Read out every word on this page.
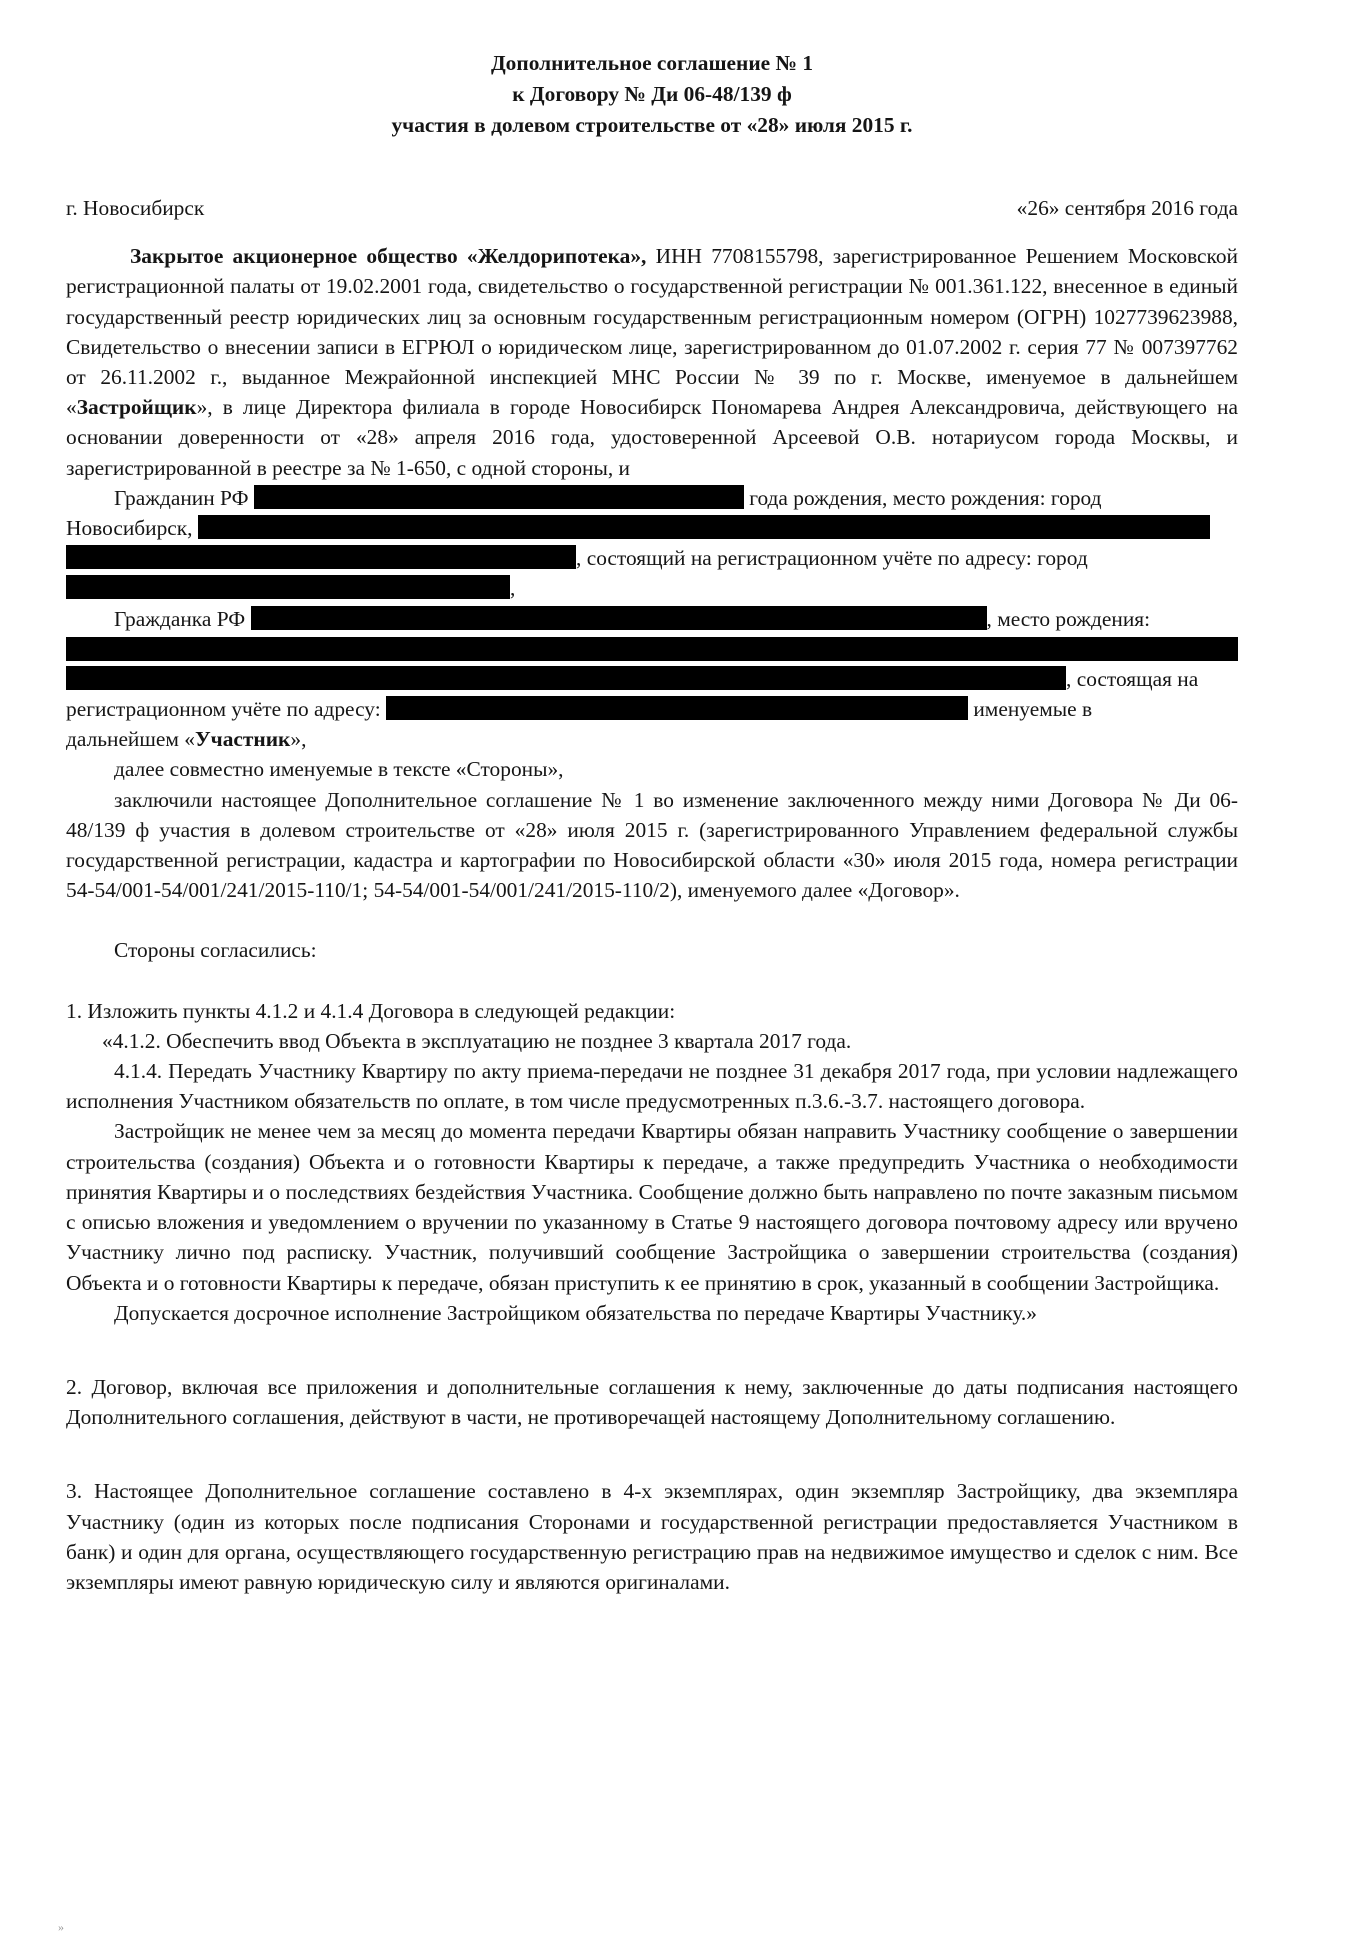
Дополнительное соглашение № 1
к Договору № Ди 06-48/139 ф
участия в долевом строительстве от «28» июля 2015 г.
г. Новосибирск	«26» сентября 2016 года

Закрытое акционерное общество «Желдорипотека», ИНН 7708155798, зарегистрированное Решением Московской регистрационной палаты от 19.02.2001 года, свидетельство о государственной регистрации № 001.361.122, внесенное в единый государственный реестр юридических лиц за основным государственным регистрационным номером (ОГРН) 1027739623988, Свидетельство о внесении записи в ЕГРЮЛ о юридическом лице, зарегистрированном до 01.07.2002 г. серия 77 № 007397762 от 26.11.2002 г., выданное Межрайонной инспекцией МНС России № 39 по г. Москве, именуемое в дальнейшем «Застройщик», в лице Директора филиала в городе Новосибирск Пономарева Андрея Александровича, действующего на основании доверенности от «28» апреля 2016 года, удостоверенной Арсеевой О.В. нотариусом города Москвы, и зарегистрированной в реестре за № 1-650, с одной стороны, и

Гражданин РФ	года рождения, место рождения: город

Новосибирск,

, состоящий на регистрационном учёте по адресу: город

,

Гражданка РФ	, место рождения:

, состоящая на

регистрационном учёте по адресу:	именуемые в

дальнейшем «Участник»,

далее совместно именуемые в тексте «Стороны»,

заключили настоящее Дополнительное соглашение № 1 во изменение заключенного между ними Договора № Ди 06-48/139 ф участия в долевом строительстве от «28» июля 2015 г. (зарегистрированного Управлением федеральной службы государственной регистрации, кадастра и картографии по Новосибирской области «30» июля 2015 года, номера регистрации 54-54/001-54/001/241/2015-110/1; 54-54/001-54/001/241/2015-110/2), именуемого далее «Договор».

Стороны согласились:

1. Изложить пункты 4.1.2 и 4.1.4 Договора в следующей редакции:

«4.1.2. Обеспечить ввод Объекта в эксплуатацию не позднее 3 квартала 2017 года.

4.1.4. Передать Участнику Квартиру по акту приема-передачи не позднее 31 декабря 2017 года, при условии надлежащего исполнения Участником обязательств по оплате, в том числе предусмотренных п.3.6.-3.7. настоящего договора.

Застройщик не менее чем за месяц до момента передачи Квартиры обязан направить Участнику сообщение о завершении строительства (создания) Объекта и о готовности Квартиры к передаче, а также предупредить Участника о необходимости принятия Квартиры и о последствиях бездействия Участника. Сообщение должно быть направлено по почте заказным письмом с описью вложения и уведомлением о вручении по указанному в Статье 9 настоящего договора почтовому адресу или вручено Участнику лично под расписку. Участник, получивший сообщение Застройщика о завершении строительства (создания) Объекта и о готовности Квартиры к передаче, обязан приступить к ее принятию в срок, указанный в сообщении Застройщика.

Допускается досрочное исполнение Застройщиком обязательства по передаче Квартиры Участнику.»

2. Договор, включая все приложения и дополнительные соглашения к нему, заключенные до даты подписания настоящего Дополнительного соглашения, действуют в части, не противоречащей настоящему Дополнительному соглашению.

3. Настоящее Дополнительное соглашение составлено в 4-х экземплярах, один экземпляр Застройщику, два экземпляра Участнику (один из которых после подписания Сторонами и государственной регистрации предоставляется Участником в банк) и один для органа, осуществляющего государственную регистрацию прав на недвижимое имущество и сделок с ним. Все экземпляры имеют равную юридическую силу и являются оригиналами.

»
